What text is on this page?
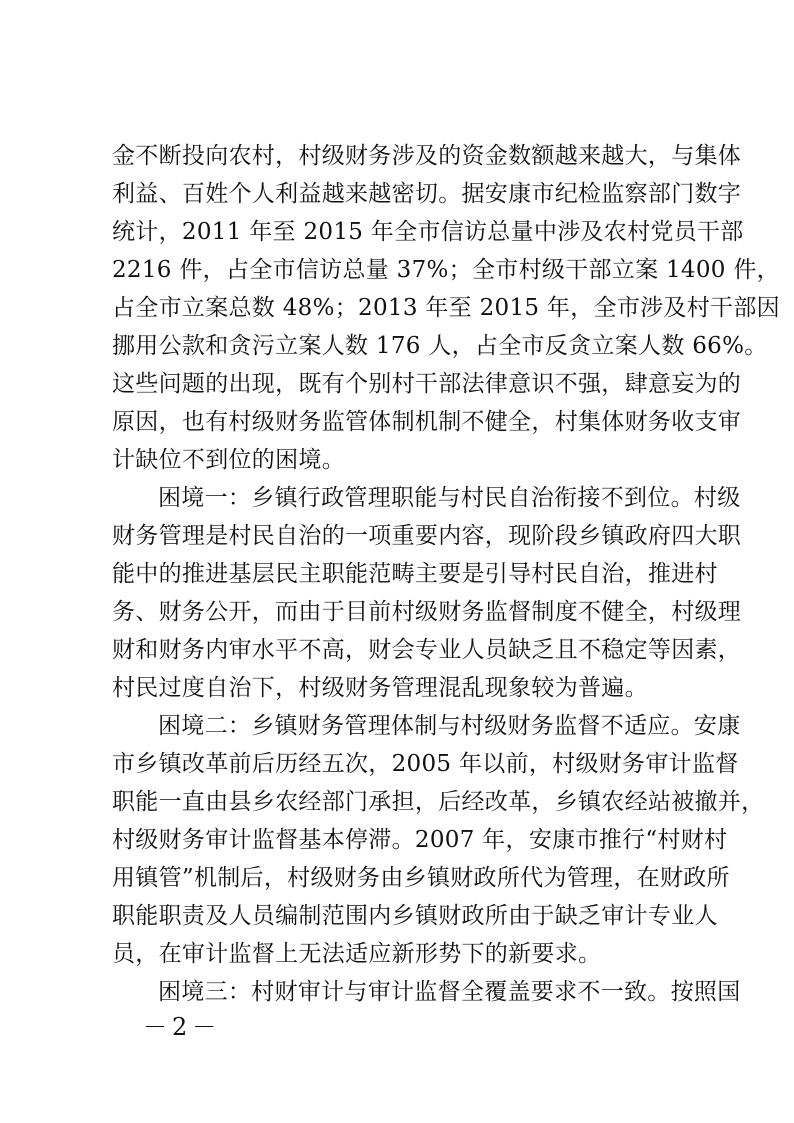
金不断投向农村，村级财务涉及的资金数额越来越大，与集体
利益、百姓个人利益越来越密切。据安康市纪检监察部门数字
统计，2011 年至 2015 年全市信访总量中涉及农村党员干部
2216 件，占全市信访总量 37%；全市村级干部立案 1400 件，
占全市立案总数 48%；2013 年至 2015 年，全市涉及村干部因
挪用公款和贪污立案人数 176 人，占全市反贪立案人数 66%。
这些问题的出现，既有个别村干部法律意识不强，肆意妄为的
原因，也有村级财务监管体制机制不健全，村集体财务收支审
计缺位不到位的困境。
困境一：乡镇行政管理职能与村民自治衔接不到位。村级
财务管理是村民自治的一项重要内容，现阶段乡镇政府四大职
能中的推进基层民主职能范畴主要是引导村民自治，推进村
务、财务公开，而由于目前村级财务监督制度不健全，村级理
财和财务内审水平不高，财会专业人员缺乏且不稳定等因素，
村民过度自治下，村级财务管理混乱现象较为普遍。
困境二：乡镇财务管理体制与村级财务监督不适应。安康
市乡镇改革前后历经五次，2005 年以前，村级财务审计监督
职能一直由县乡农经部门承担，后经改革，乡镇农经站被撤并，
村级财务审计监督基本停滞。2007 年，安康市推行“村财村
用镇管”机制后，村级财务由乡镇财政所代为管理，在财政所
职能职责及人员编制范围内乡镇财政所由于缺乏审计专业人
员，在审计监督上无法适应新形势下的新要求。
困境三：村财审计与审计监督全覆盖要求不一致。按照国
－2－
